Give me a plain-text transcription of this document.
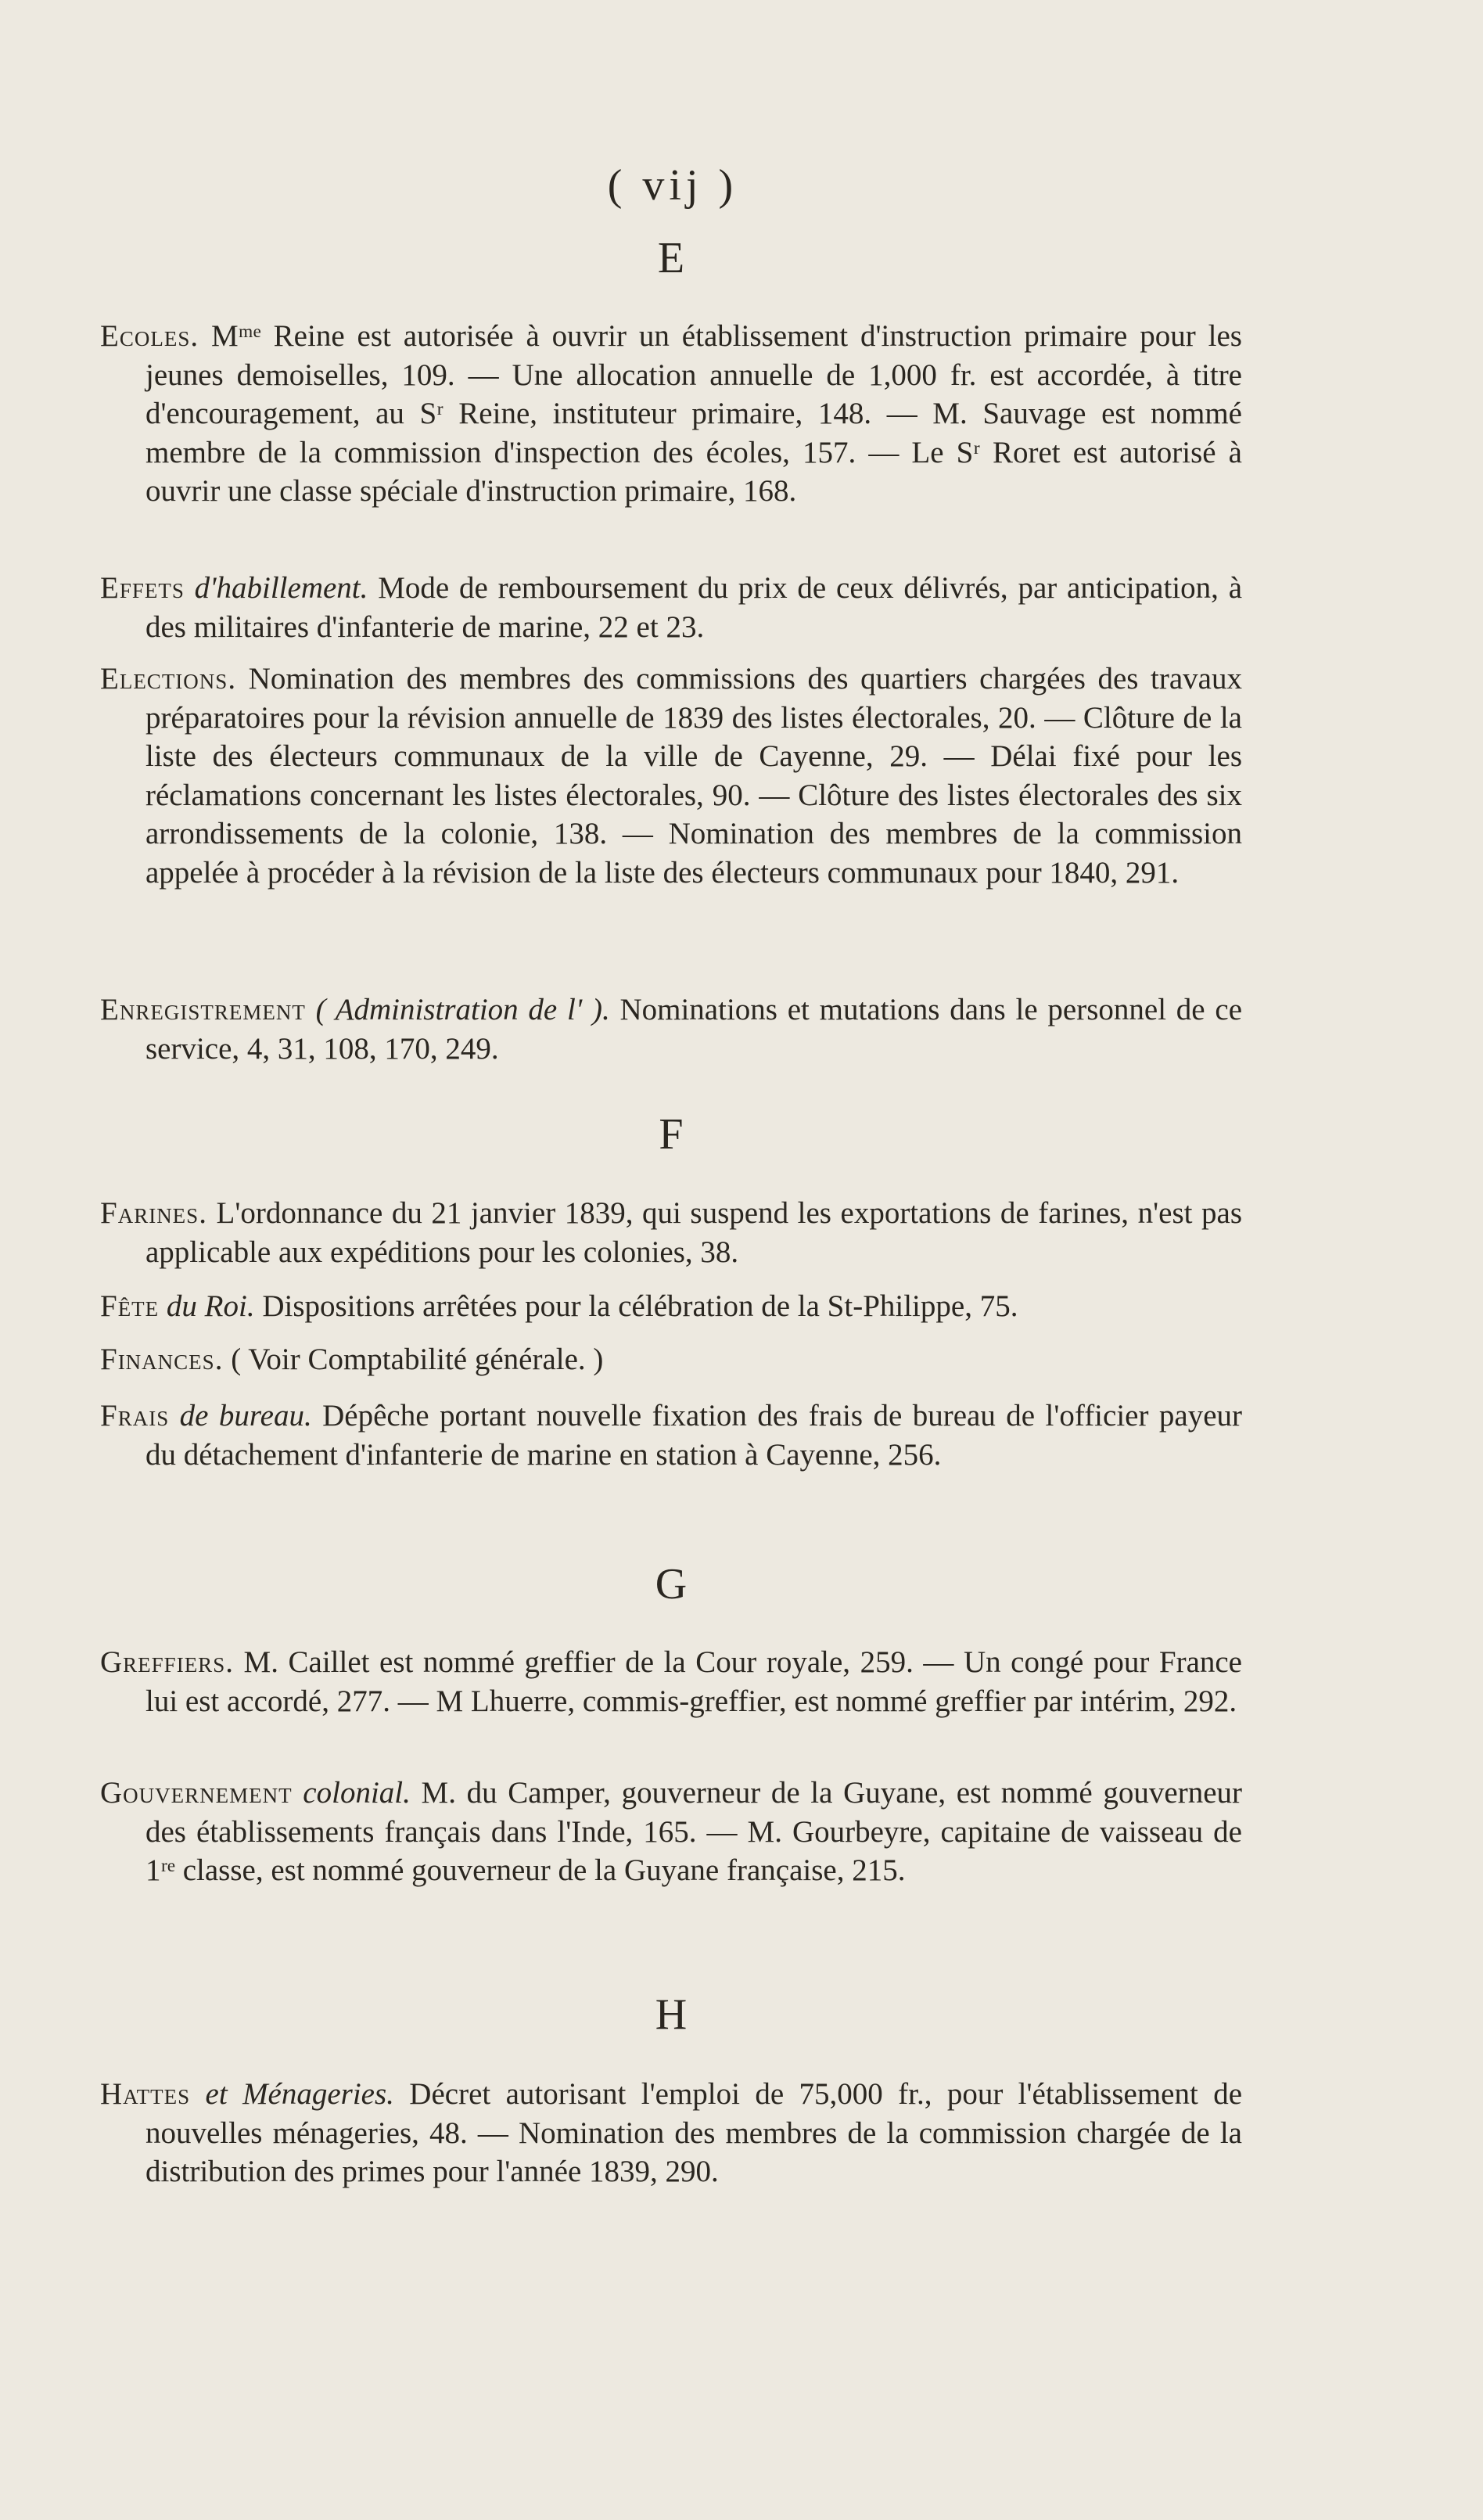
( vij )
E
Ecoles. Mᵐᵉ Reine est autorisée à ouvrir un établissement d'instruction primaire pour les jeunes demoiselles, 109. — Une allocation annuelle de 1,000 fr. est accordée, à titre d'encouragement, au Sʳ Reine, instituteur primaire, 148. — M. Sauvage est nommé membre de la commission d'inspection des écoles, 157. — Le Sʳ Roret est autorisé à ouvrir une classe spéciale d'instruction primaire, 168.
Effets d'habillement. Mode de remboursement du prix de ceux délivrés, par anticipation, à des militaires d'infanterie de marine, 22 et 23.
Elections. Nomination des membres des commissions des quartiers chargées des travaux préparatoires pour la révision annuelle de 1839 des listes électorales, 20. — Clôture de la liste des électeurs communaux de la ville de Cayenne, 29. — Délai fixé pour les réclamations concernant les listes électorales, 90. — Clôture des listes électorales des six arrondissements de la colonie, 138. — Nomination des membres de la commission appelée à procéder à la révision de la liste des électeurs communaux pour 1840, 291.
Enregistrement ( Administration de l' ). Nominations et mutations dans le personnel de ce service, 4, 31, 108, 170, 249.
F
Farines. L'ordonnance du 21 janvier 1839, qui suspend les exportations de farines, n'est pas applicable aux expéditions pour les colonies, 38.
Fête du Roi. Dispositions arrêtées pour la célébration de la St-Philippe, 75.
Finances. ( Voir Comptabilité générale. )
Frais de bureau. Dépêche portant nouvelle fixation des frais de bureau de l'officier payeur du détachement d'infanterie de marine en station à Cayenne, 256.
G
Greffiers. M. Caillet est nommé greffier de la Cour royale, 259. — Un congé pour France lui est accordé, 277. — M Lhuerre, commis-greffier, est nommé greffier par intérim, 292.
Gouvernement colonial. M. du Camper, gouverneur de la Guyane, est nommé gouverneur des établissements français dans l'Inde, 165. — M. Gourbeyre, capitaine de vaisseau de 1ʳᵉ classe, est nommé gouverneur de la Guyane française, 215.
H
Hattes et Ménageries. Décret autorisant l'emploi de 75,000 fr., pour l'établissement de nouvelles ménageries, 48. — Nomination des membres de la commission chargée de la distribution des primes pour l'année 1839, 290.
